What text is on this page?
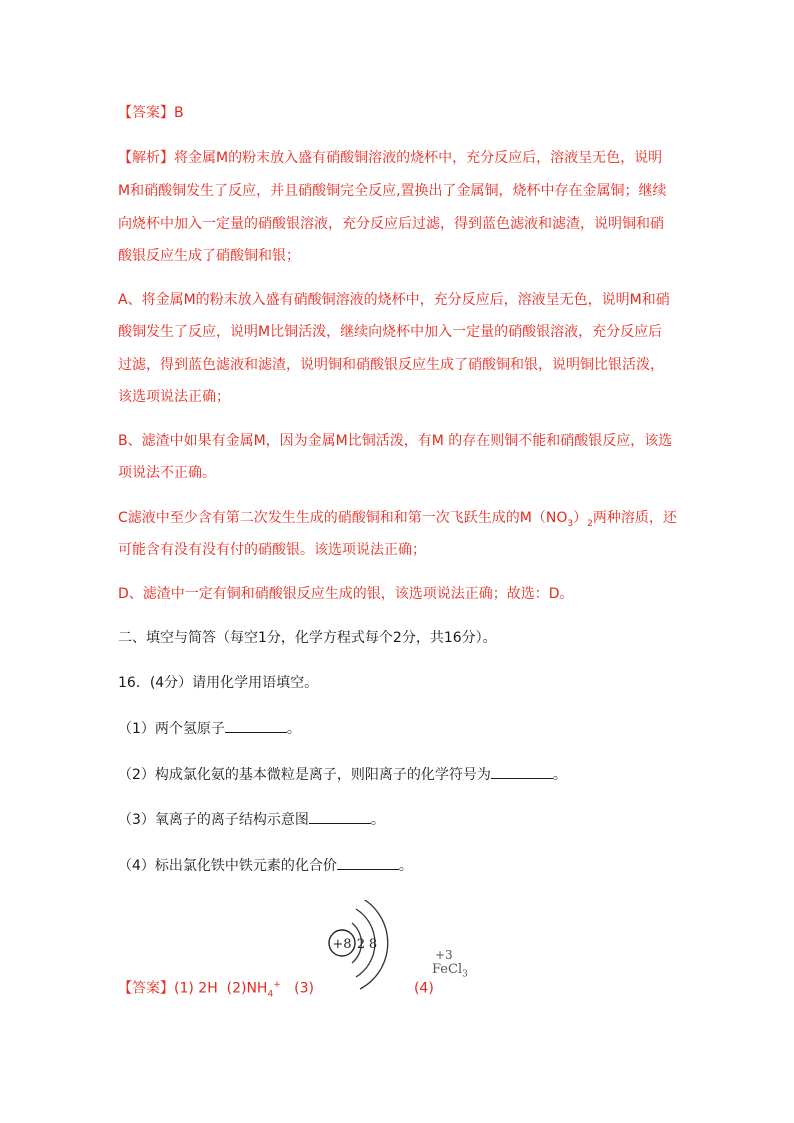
【答案】B
【解析】将金属M的粉末放入盛有硝酸铜溶液的烧杯中，充分反应后，溶液呈无色，说明
M和硝酸铜发生了反应，并且硝酸铜完全反应,置换出了金属铜，烧杯中存在金属铜；继续
向烧杯中加入一定量的硝酸银溶液，充分反应后过滤，得到蓝色滤液和滤渣，说明铜和硝
酸银反应生成了硝酸铜和银；
A、将金属M的粉末放入盛有硝酸铜溶液的烧杯中，充分反应后，溶液呈无色，说明M和硝
酸铜发生了反应，说明M比铜活泼，继续向烧杯中加入一定量的硝酸银溶液，充分反应后
过滤，得到蓝色滤液和滤渣，说明铜和硝酸银反应生成了硝酸铜和银，说明铜比银活泼，
该选项说法正确；
B、滤渣中如果有金属M，因为金属M比铜活泼，有M 的存在则铜不能和硝酸银反应，该选
项说法不正确。
C滤液中至少含有第二次发生生成的硝酸铜和和第一次飞跃生成的$M(NO_3)_2$两种溶质，还
可能含有没有没有付的硝酸银。该选项说法正确；
D、滤渣中一定有铜和硝酸银反应生成的银，该选项说法正确；故选：D。
二、填空与简答（每空1分，化学方程式每个2分，共16分）。
16．(4分）请用化学用语填空。
（1）两个氢原子	。
（2）构成氯化氨的基本微粒是离子，则阳离子的化学符号为	。
（3）氧离子的离子结构示意图	。
（4）标出氯化铁中铁元素的化合价	。
【答案】(1) 2H $(2)NH_4^+$ (3)	(4)
+8 2 8
+3
FeCl$_3$
